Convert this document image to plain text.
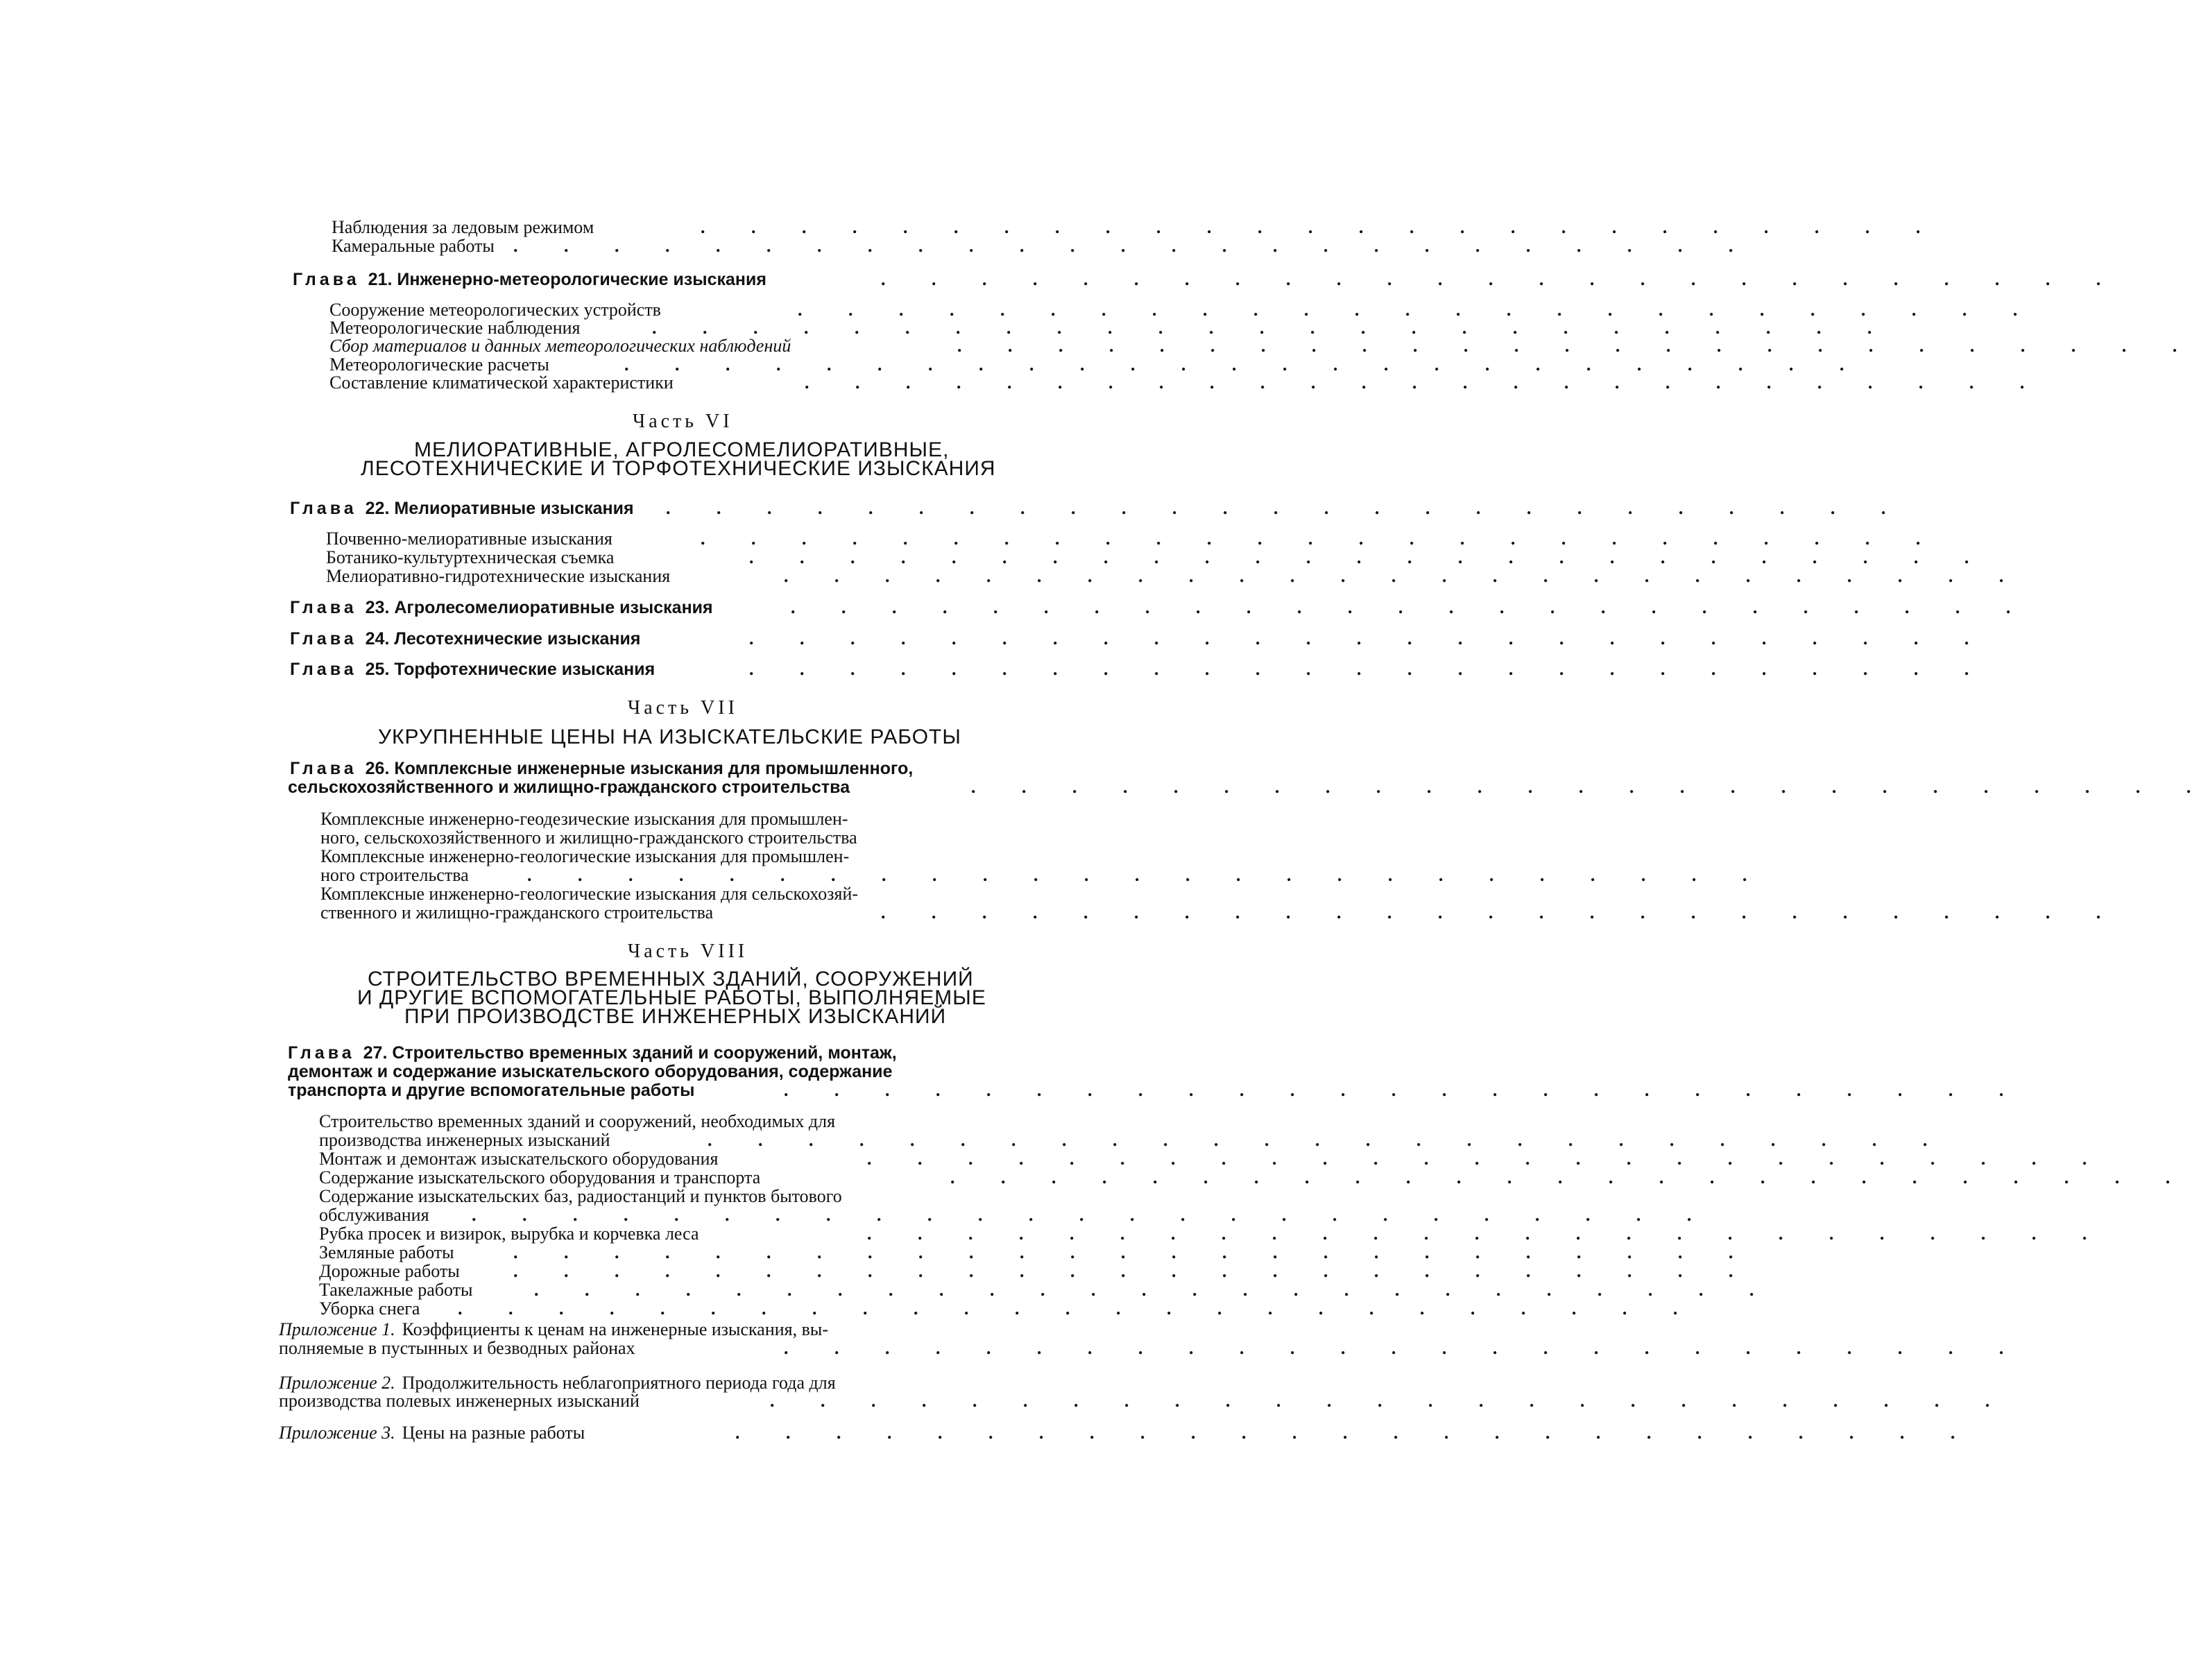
Наблюдения за ледовым режимом	. . . . . . . . . . . . . . . . . . . . . . . . .
Камеральные работы . . . . . . . . . . . . . . . . . . . . . . . . .
Глава 21. Инженерно-метеорологические изыскания	. . . . . . . . . . . . . . . . . . . . . . . . .
Сооружение метеорологических устройств	. . . . . . . . . . . . . . . . . . . . . . . . .
Метеорологические наблюдения	. . . . . . . . . . . . . . . . . . . . . . . . .
Сбор материалов и данных метеорологических наблюдений	. . . . . . . . . . . . . . . . . . . . . . . . .
Метеорологические расчеты	. . . . . . . . . . . . . . . . . . . . . . . . .
Составление климатической характеристики	. . . . . . . . . . . . . . . . . . . . . . . . .
Часть VI
МЕЛИОРАТИВНЫЕ, АГРОЛЕСОМЕЛИОРАТИВНЫЕ,
ЛЕСОТЕХНИЧЕСКИЕ И ТОРФОТЕХНИЧЕСКИЕ ИЗЫСКАНИЯ
Глава 22. Мелиоративные изыскания . . . . . . . . . . . . . . . . . . . . . . . . .
Почвенно-мелиоративные изыскания	. . . . . . . . . . . . . . . . . . . . . . . . .
Ботанико-культуртехническая съемка	. . . . . . . . . . . . . . . . . . . . . . . . .
Мелиоративно-гидротехнические изыскания	. . . . . . . . . . . . . . . . . . . . . . . . .
Глава 23. Агролесомелиоративные изыскания	. . . . . . . . . . . . . . . . . . . . . . . . .
Глава 24. Лесотехнические изыскания	. . . . . . . . . . . . . . . . . . . . . . . . .
Глава 25. Торфотехнические изыскания	. . . . . . . . . . . . . . . . . . . . . . . . .
Часть VII
УКРУПНЕННЫЕ ЦЕНЫ НА ИЗЫСКАТЕЛЬСКИЕ РАБОТЫ
Глава 26. Комплексные инженерные изыскания для промышленного,
сельскохозяйственного и жилищно-гражданского строительства	. . . . . . . . . . . . . . . . . . . . . . . . .
Комплексные инженерно-геодезические изыскания для промышлен-
ного, сельскохозяйственного и жилищно-гражданского строительства
Комплексные инженерно-геологические изыскания для промышлен-
ного строительства	. . . . . . . . . . . . . . . . . . . . . . . . .
Комплексные инженерно-геологические изыскания для сельскохозяй-
ственного и жилищно-гражданского строительства	. . . . . . . . . . . . . . . . . . . . . . . . .
Часть VIII
СТРОИТЕЛЬСТВО ВРЕМЕННЫХ ЗДАНИЙ, СООРУЖЕНИЙ
И ДРУГИЕ ВСПОМОГАТЕЛЬНЫЕ РАБОТЫ, ВЫПОЛНЯЕМЫЕ
ПРИ ПРОИЗВОДСТВЕ ИНЖЕНЕРНЫХ ИЗЫСКАНИЙ
Глава 27. Строительство временных зданий и сооружений, монтаж,
демонтаж и содержание изыскательского оборудования, содержание
транспорта и другие вспомогательные работы	. . . . . . . . . . . . . . . . . . . . . . . . .
Строительство временных зданий и сооружений, необходимых для
производства инженерных изысканий	. . . . . . . . . . . . . . . . . . . . . . . . .
Монтаж и демонтаж изыскательского оборудования	. . . . . . . . . . . . . . . . . . . . . . . . .
Содержание изыскательского оборудования и транспорта	. . . . . . . . . . . . . . . . . . . . . . . . .
Содержание изыскательских баз, радиостанций и пунктов бытового
обслуживания . . . . . . . . . . . . . . . . . . . . . . . . .
Рубка просек и визирок, вырубка и корчевка леса	. . . . . . . . . . . . . . . . . . . . . . . . .
Земляные работы	. . . . . . . . . . . . . . . . . . . . . . . . .
Дорожные работы	. . . . . . . . . . . . . . . . . . . . . . . . .
Такелажные работы	. . . . . . . . . . . . . . . . . . . . . . . . .
Уборка снега . . . . . . . . . . . . . . . . . . . . . . . . .
Приложение 1. Коэффициенты к ценам на инженерные изыскания, вы-
полняемые в пустынных и безводных районах	. . . . . . . . . . . . . . . . . . . . . . . . .
Приложение 2. Продолжительность неблагоприятного периода года для
производства полевых инженерных изысканий	. . . . . . . . . . . . . . . . . . . . . . . . .
Приложение 3. Цены на разные работы	. . . . . . . . . . . . . . . . . . . . . . . . .
